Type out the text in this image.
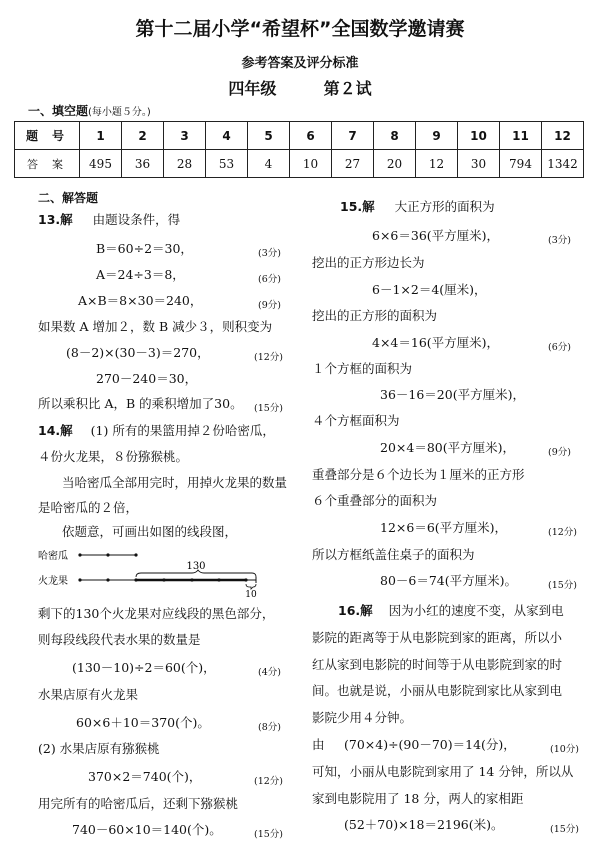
第十二届小学“希望杯”全国数学邀请赛
参考答案及评分标准
四年级	第２试
一、填空题(每小题５分。)
题号	1	2	3	4	5	6	7	8	9	10	11	12
答案	495	36	28	53	4	10	27	20	12	30	794	1342
二、解答题
13.解 由题设条件，得
B＝60÷2＝30，	(3分)
A＝24÷3＝8，	(6分)
A×B＝8×30＝240，	(9分)
如果数 A 增加２，数 B 减少３，则积变为
(8－2)×(30－3)＝270，	(12分)
270－240＝30，
所以乘积比 A，B 的乘积增加了30。 (15分)
14.解 (1) 所有的果篮用掉２份哈密瓜，
４份火龙果，８份猕猴桃。
当哈密瓜全部用完时，用掉火龙果的数量
是哈密瓜的２倍，
依题意，可画出如图的线段图，
哈密瓜
130
火龙果
10
剩下的130个火龙果对应线段的黑色部分，
则每段线段代表水果的数量是
(130－10)÷2＝60(个)，	(4分)
水果店原有火龙果
60×6＋10＝370(个)。	(8分)
(2) 水果店原有猕猴桃
370×2＝740(个)，	(12分)
用完所有的哈密瓜后，还剩下猕猴桃
740－60×10＝140(个)。	(15分)
15.解 大正方形的面积为
6×6＝36(平方厘米)，	(3分)
挖出的正方形边长为
6－1×2＝4(厘米)，
挖出的正方形的面积为
4×4＝16(平方厘米)，	(6分)
１个方框的面积为
36－16＝20(平方厘米)，
４个方框面积为
20×4＝80(平方厘米)，	(9分)
重叠部分是６个边长为１厘米的正方形
６个重叠部分的面积为
12×6＝6(平方厘米)，	(12分)
所以方框纸盖住桌子的面积为
80－6＝74(平方厘米)。	(15分)
16.解 因为小红的速度不变，从家到电
影院的距离等于从电影院到家的距离，所以小
红从家到电影院的时间等于从电影院到家的时
间。也就是说，小丽从电影院到家比从家到电
影院少用４分钟。
由 (70×4)÷(90－70)＝14(分)，	(10分)
可知，小丽从电影院到家用了 14 分钟，所以从
家到电影院用了 18 分，两人的家相距
(52＋70)×18＝2196(米)。	(15分)
